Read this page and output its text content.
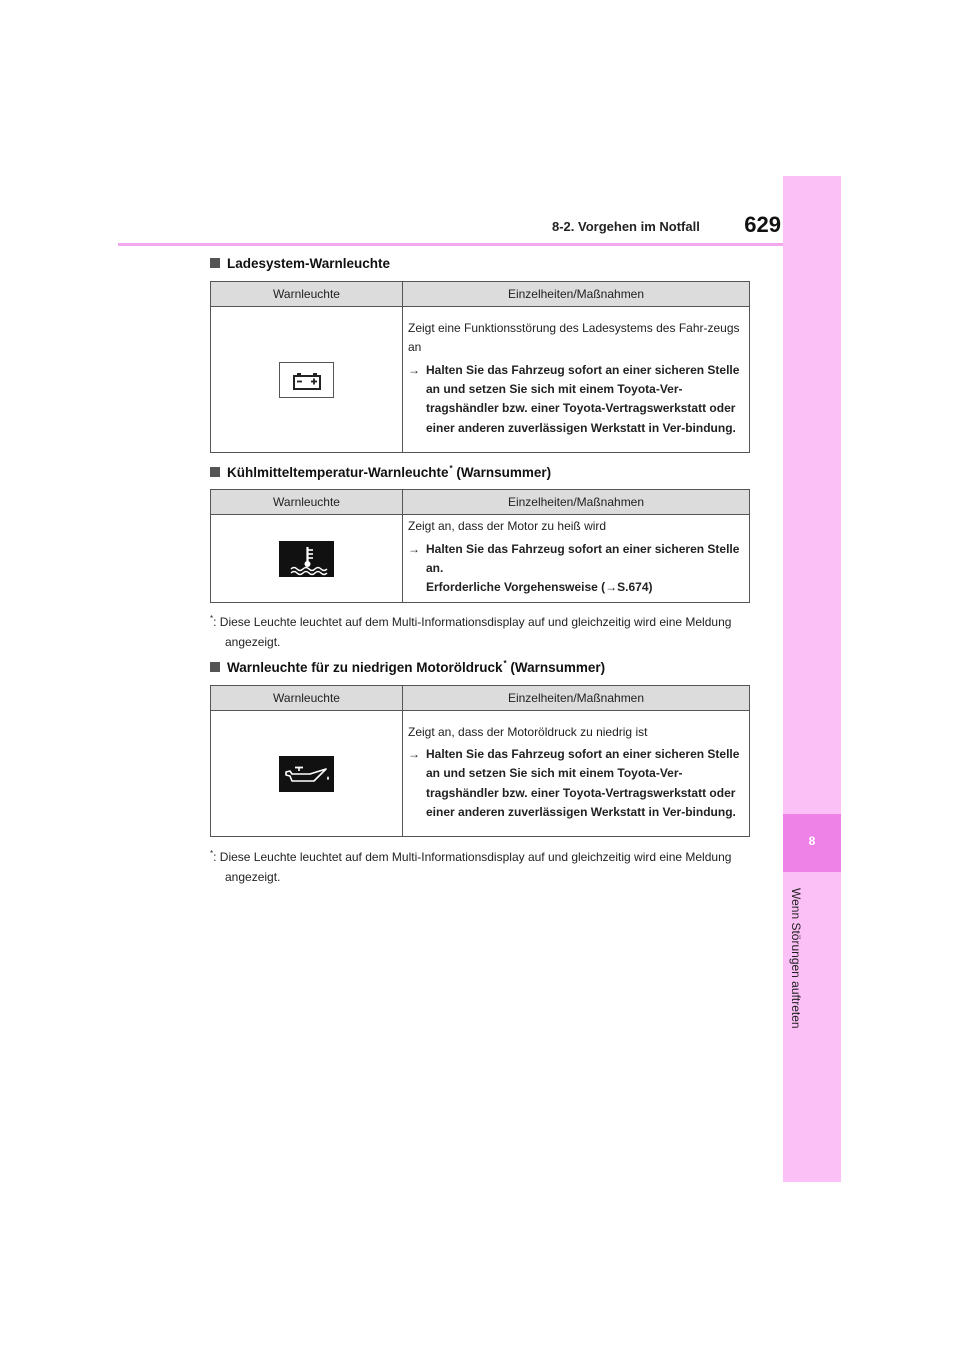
8
Wenn Störungen auftreten
8-2. Vorgehen im Notfall	629
Ladesystem-Warnleuchte
Warnleuchte	Einzelheiten/Maßnahmen

Zeigt eine Funktionsstörung des Ladesystems des Fahr-zeugs an
→ Halten Sie das Fahrzeug sofort an einer sicheren Stelle an und setzen Sie sich mit einem Toyota-Ver-tragshändler bzw. einer Toyota-Vertragswerkstatt oder einer anderen zuverlässigen Werkstatt in Ver-bindung.
Kühlmitteltemperatur-Warnleuchte* (Warnsummer)
Warnleuchte	Einzelheiten/Maßnahmen

Zeigt an, dass der Motor zu heiß wird
→ Halten Sie das Fahrzeug sofort an einer sicheren Stelle an.
Erforderliche Vorgehensweise (→S.674)
*: Diese Leuchte leuchtet auf dem Multi-Informationsdisplay auf und gleichzeitig wird eine Meldung angezeigt.
Warnleuchte für zu niedrigen Motoröldruck* (Warnsummer)
Warnleuchte	Einzelheiten/Maßnahmen

Zeigt an, dass der Motoröldruck zu niedrig ist
→ Halten Sie das Fahrzeug sofort an einer sicheren Stelle an und setzen Sie sich mit einem Toyota-Ver-tragshändler bzw. einer Toyota-Vertragswerkstatt oder einer anderen zuverlässigen Werkstatt in Ver-bindung.
*: Diese Leuchte leuchtet auf dem Multi-Informationsdisplay auf und gleichzeitig wird eine Meldung angezeigt.
